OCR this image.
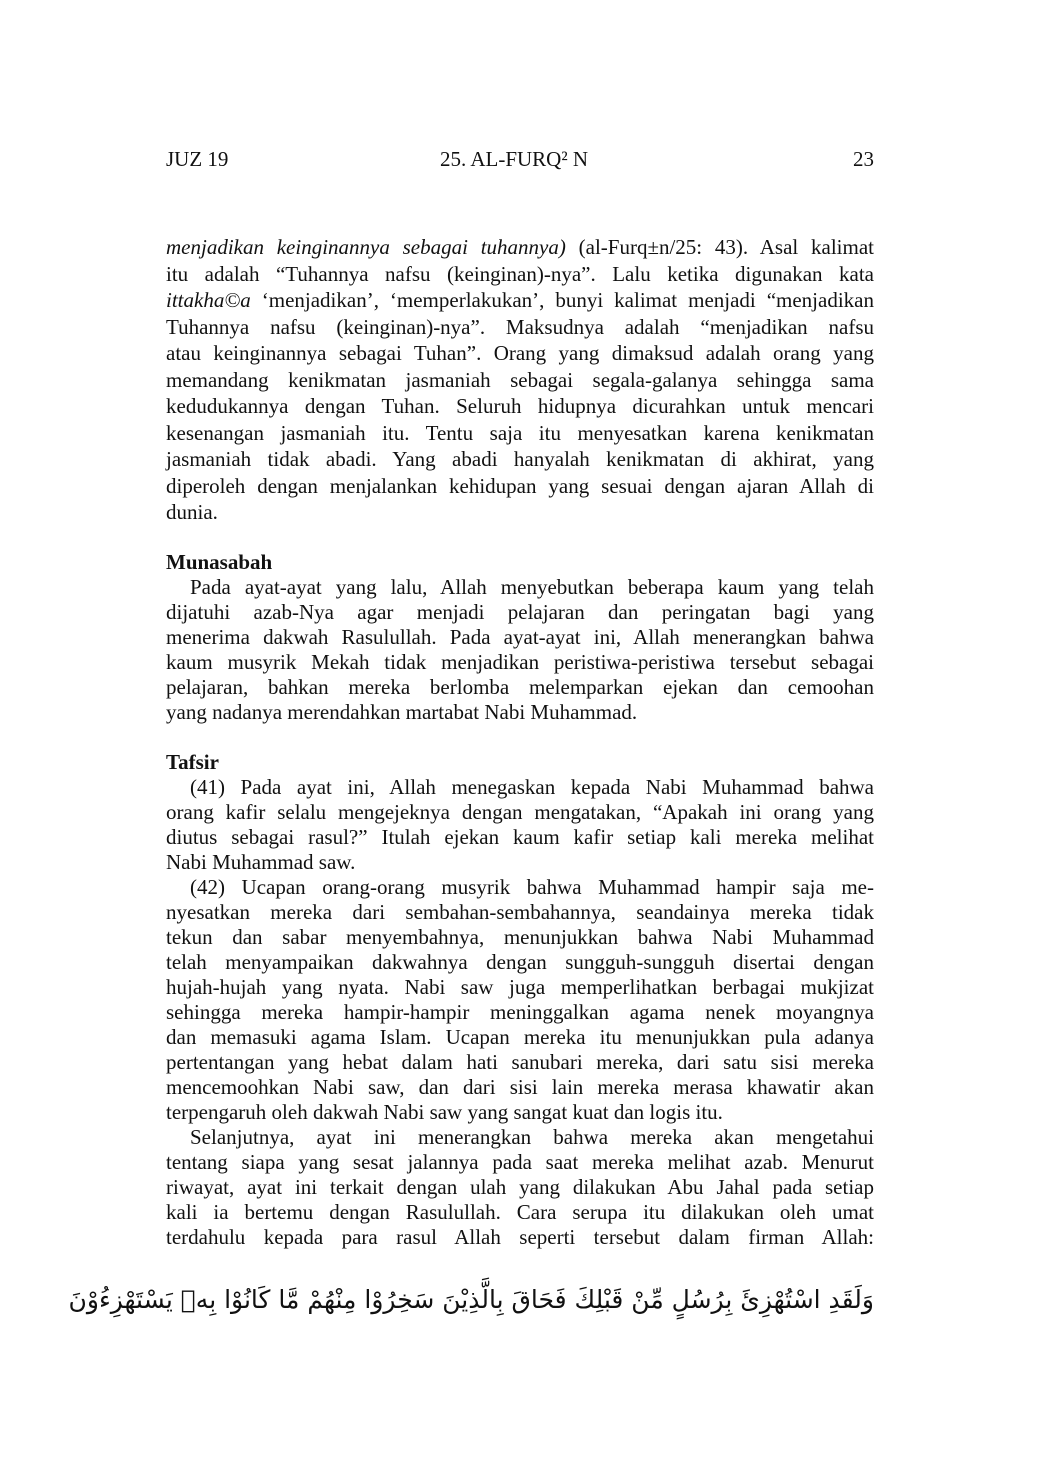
JUZ 19	25. AL-FURQ² N	23
menjadikan keinginannya sebagai tuhannya) (al-Furq±n/25: 43). Asal kalimat
itu adalah “Tuhannya nafsu (keinginan)-nya”. Lalu ketika digunakan kata
ittakha©a ‘menjadikan’, ‘memperlakukan’, bunyi kalimat menjadi “menjadikan
Tuhannya nafsu (keinginan)-nya”. Maksudnya adalah “menjadikan nafsu
atau keinginannya sebagai Tuhan”. Orang yang dimaksud adalah orang yang
memandang kenikmatan jasmaniah sebagai segala-galanya sehingga sama
kedudukannya dengan Tuhan. Seluruh hidupnya dicurahkan untuk mencari
kesenangan jasmaniah itu. Tentu saja itu menyesatkan karena kenikmatan
jasmaniah tidak abadi. Yang abadi hanyalah kenikmatan di akhirat, yang
diperoleh dengan menjalankan kehidupan yang sesuai dengan ajaran Allah di
dunia.
Munasabah
Pada ayat-ayat yang lalu, Allah menyebutkan beberapa kaum yang telah
dijatuhi azab-Nya agar menjadi pelajaran dan peringatan bagi yang
menerima dakwah Rasulullah. Pada ayat-ayat ini, Allah menerangkan bahwa
kaum musyrik Mekah tidak menjadikan peristiwa-peristiwa tersebut sebagai
pelajaran, bahkan mereka berlomba melemparkan ejekan dan cemoohan
yang nadanya merendahkan martabat Nabi Muhammad.
Tafsir
(41) Pada ayat ini, Allah menegaskan kepada Nabi Muhammad bahwa
orang kafir selalu mengejeknya dengan mengatakan, “Apakah ini orang yang
diutus sebagai rasul?” Itulah ejekan kaum kafir setiap kali mereka melihat
Nabi Muhammad saw.
(42) Ucapan orang-orang musyrik bahwa Muhammad hampir saja me-
nyesatkan mereka dari sembahan-sembahannya, seandainya mereka tidak
tekun dan sabar menyembahnya, menunjukkan bahwa Nabi Muhammad
telah menyampaikan dakwahnya dengan sungguh-sungguh disertai dengan
hujah-hujah yang nyata. Nabi saw juga memperlihatkan berbagai mukjizat
sehingga mereka hampir-hampir meninggalkan agama nenek moyangnya
dan memasuki agama Islam. Ucapan mereka itu menunjukkan pula adanya
pertentangan yang hebat dalam hati sanubari mereka, dari satu sisi mereka
mencemoohkan Nabi saw, dan dari sisi lain mereka merasa khawatir akan
terpengaruh oleh dakwah Nabi saw yang sangat kuat dan logis itu.
Selanjutnya, ayat ini menerangkan bahwa mereka akan mengetahui
tentang siapa yang sesat jalannya pada saat mereka melihat azab. Menurut
riwayat, ayat ini terkait dengan ulah yang dilakukan Abu Jahal pada setiap
kali ia bertemu dengan Rasulullah. Cara serupa itu dilakukan oleh umat
terdahulu kepada para rasul Allah seperti tersebut dalam firman Allah:
وَلَقَدِ اسْتُهْزِئَ بِرُسُلٍ مِّنْ قَبْلِكَ فَحَاقَ بِالَّذِيْنَ سَخِرُوْا مِنْهُمْ مَّا كَانُوْا بِهٖ يَسْتَهْزِءُوْنَ
